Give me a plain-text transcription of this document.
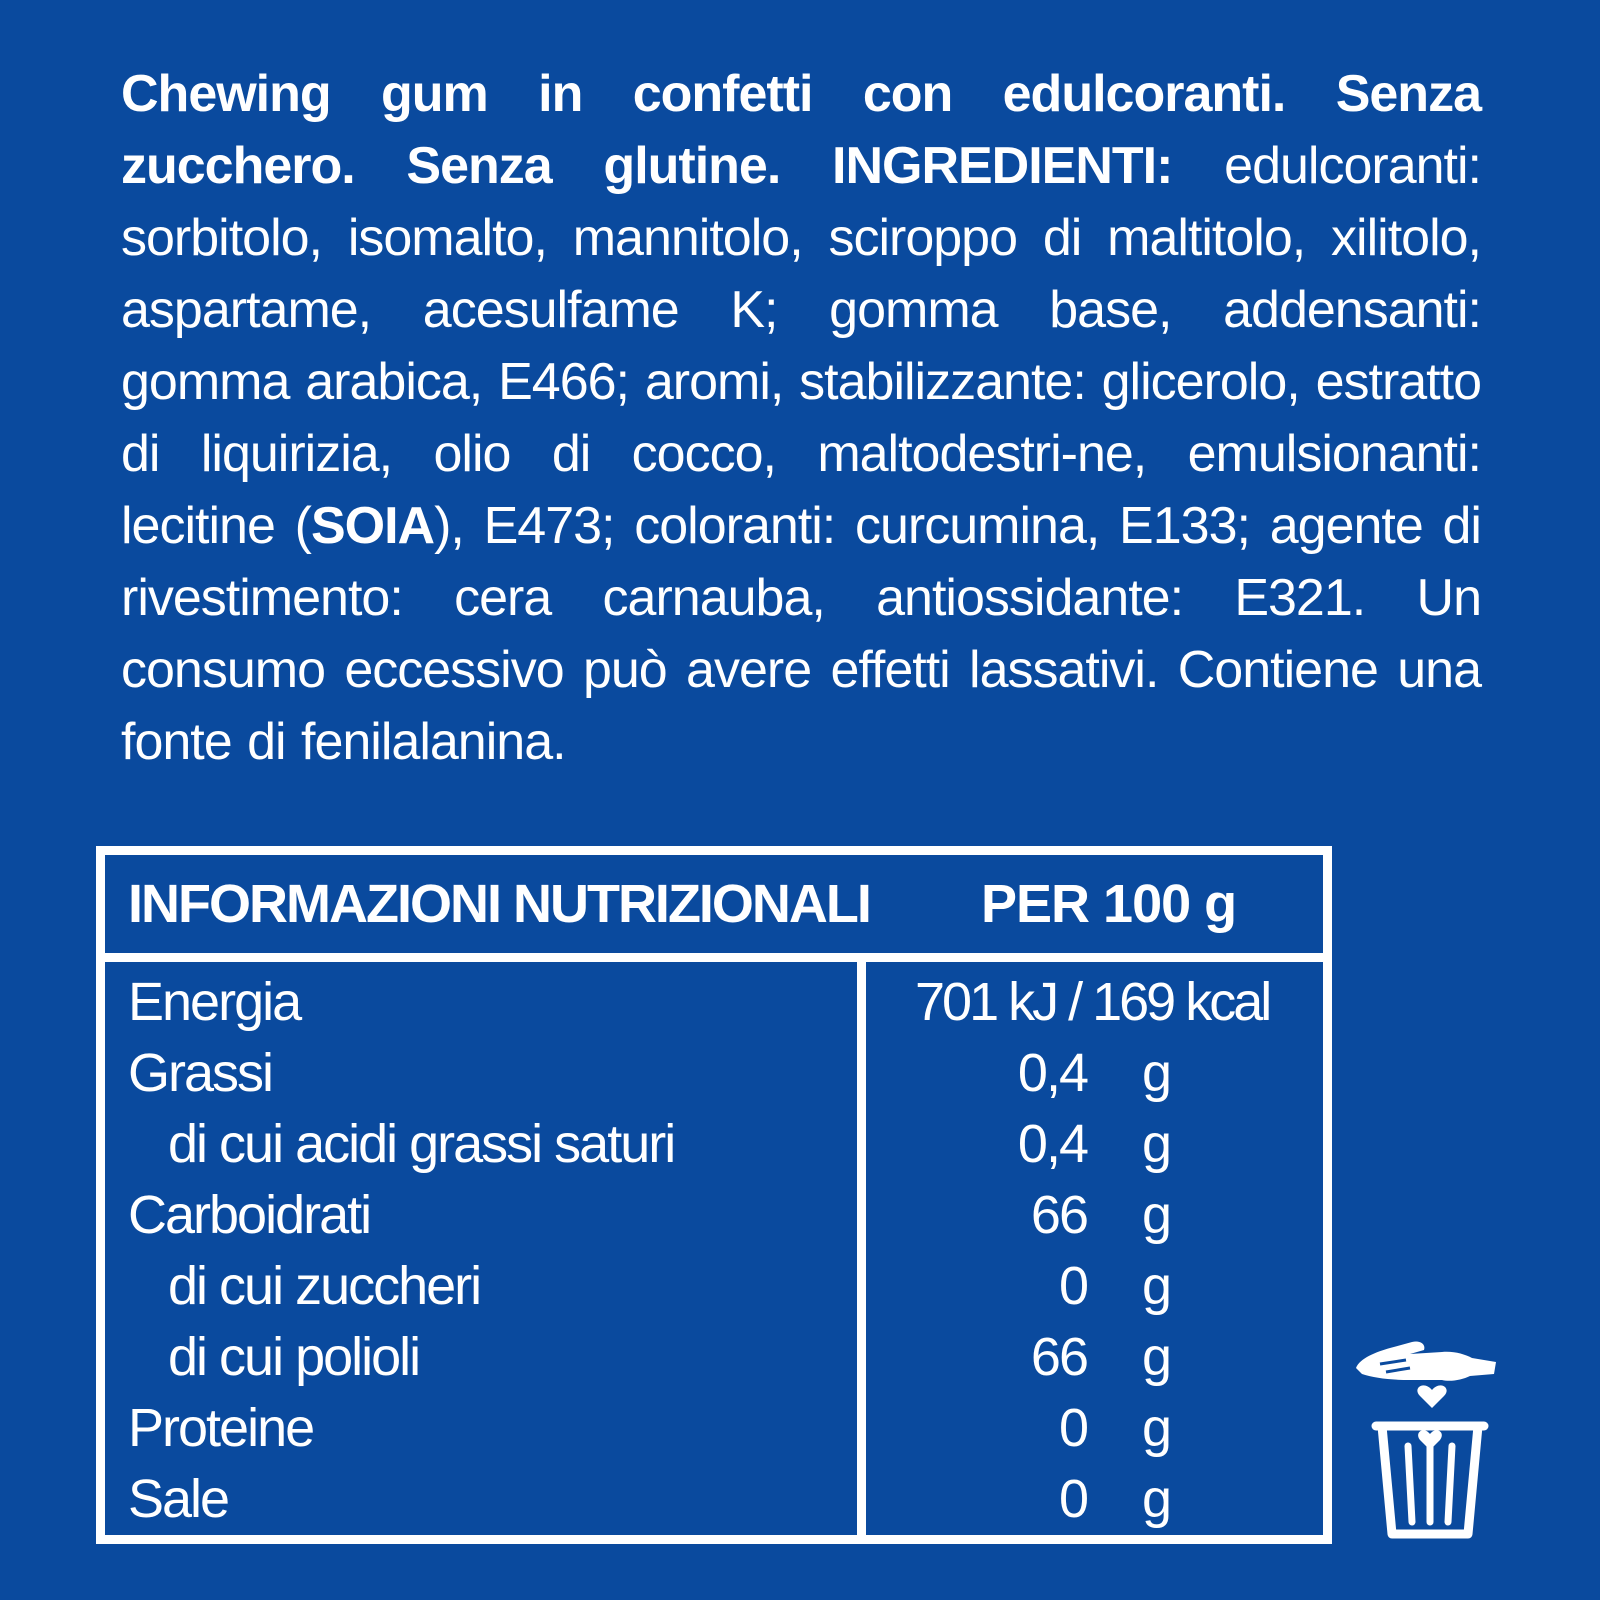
Chewing gum in confetti con edulcoranti. Senza zucchero. Senza glutine. INGREDIENTI: edulcoranti: sorbitolo, isomalto, mannitolo, sciroppo di maltitolo, xilitolo, aspartame, acesulfame K; gomma base, addensanti: gomma arabica, E466; aromi, stabilizzante: glicerolo, estratto di liquirizia, olio di cocco, maltodestri-ne, emulsionanti: lecitine (SOIA), E473; coloranti: curcumina, E133; agente di rivestimento: cera carnauba, antiossidante: E321. Un consumo eccessivo può avere effetti lassativi. Contiene una fonte di fenilalanina.
INFORMAZIONI NUTRIZIONALI PER 100 g
Energia	701 kJ / 169 kcal
Grassi	0,4 g
di cui acidi grassi saturi	0,4 g
Carboidrati	66 g
di cui zuccheri	0 g
di cui polioli	66 g
Proteine	0 g
Sale	0 g
